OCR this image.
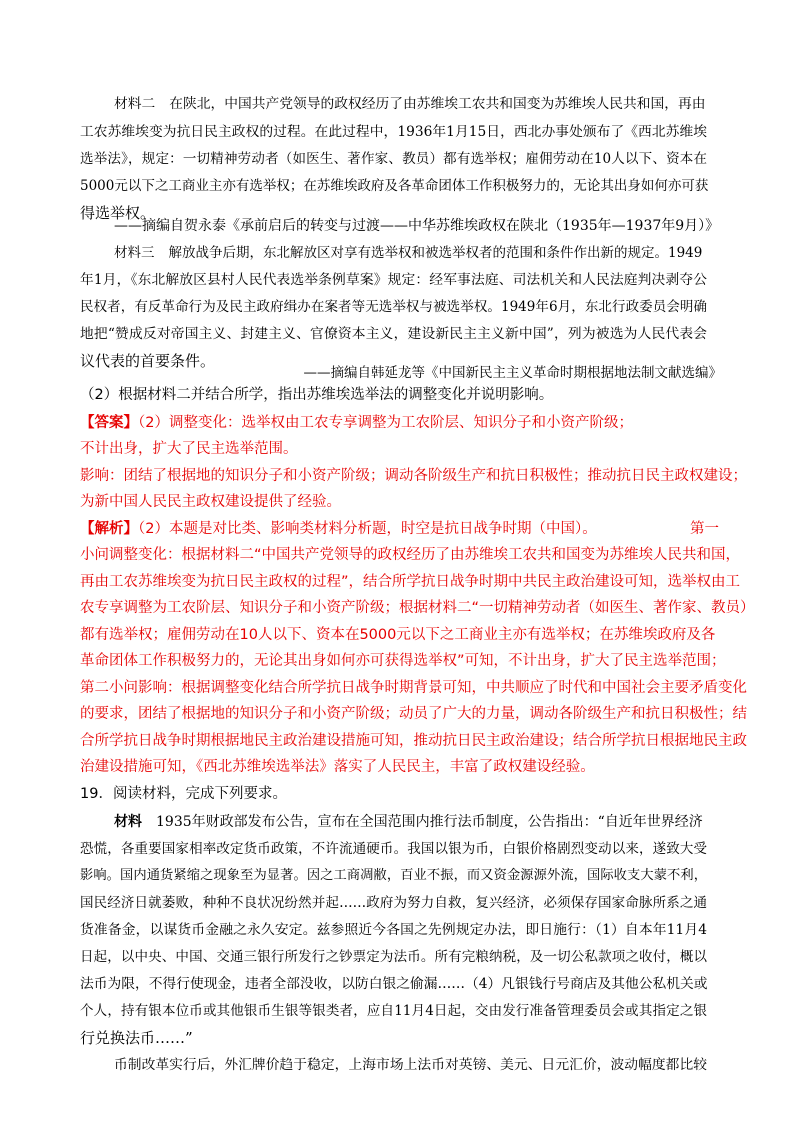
材料二 在陕北，中国共产党领导的政权经历了由苏维埃工农共和国变为苏维埃人民共和国，再由
工农苏维埃变为抗日民主政权的过程。在此过程中，1936年1月15日，西北办事处颁布了《西北苏维埃
选举法》，规定：一切精神劳动者（如医生、著作家、教员）都有选举权；雇佣劳动在10人以下、资本在
5000元以下之工商业主亦有选举权；在苏维埃政府及各革命团体工作积极努力的，无论其出身如何亦可获
得选举权。
——摘编自贺永泰《承前启后的转变与过渡——中华苏维埃政权在陕北（1935年—1937年9月）》
材料三 解放战争后期，东北解放区对享有选举权和被选举权者的范围和条件作出新的规定。1949
年1月，《东北解放区县村人民代表选举条例草案》规定：经军事法庭、司法机关和人民法庭判决剥夺公
民权者，有反革命行为及民主政府缉办在案者等无选举权与被选举权。1949年6月，东北行政委员会明确
地把“赞成反对帝国主义、封建主义、官僚资本主义，建设新民主主义新中国”，列为被选为人民代表会
议代表的首要条件。
——摘编自韩延龙等《中国新民主主义革命时期根据地法制文献选编》
（2）根据材料二并结合所学，指出苏维埃选举法的调整变化并说明影响。
【答案】（2）调整变化：选举权由工农专享调整为工农阶层、知识分子和小资产阶级；
不计出身，扩大了民主选举范围。
影响：团结了根据地的知识分子和小资产阶级；调动各阶级生产和抗日积极性；推动抗日民主政权建设；
为新中国人民民主政权建设提供了经验。
【解析】（2）本题是对比类、影响类材料分析题，时空是抗日战争时期（中国）。	第一
小问调整变化：根据材料二“中国共产党领导的政权经历了由苏维埃工农共和国变为苏维埃人民共和国，
再由工农苏维埃变为抗日民主政权的过程”，结合所学抗日战争时期中共民主政治建设可知，选举权由工
农专享调整为工农阶层、知识分子和小资产阶级；根据材料二“一切精神劳动者（如医生、著作家、教员）
都有选举权；雇佣劳动在10人以下、资本在5000元以下之工商业主亦有选举权；在苏维埃政府及各
革命团体工作积极努力的，无论其出身如何亦可获得选举权”可知，不计出身，扩大了民主选举范围；
第二小问影响：根据调整变化结合所学抗日战争时期背景可知，中共顺应了时代和中国社会主要矛盾变化
的要求，团结了根据地的知识分子和小资产阶级；动员了广大的力量，调动各阶级生产和抗日积极性；结
合所学抗日战争时期根据地民主政治建设措施可知，推动抗日民主政治建设；结合所学抗日根据地民主政
治建设措施可知，《西北苏维埃选举法》落实了人民民主，丰富了政权建设经验。
19．阅读材料，完成下列要求。
材料 1935年财政部发布公告，宣布在全国范围内推行法币制度，公告指出：“自近年世界经济
恐慌，各重要国家相率改定货币政策，不许流通硬币。我国以银为币，白银价格剧烈变动以来，遂致大受
影响。国内通货紧缩之现象至为显著。因之工商凋敝，百业不振，而又资金源源外流，国际收支大蒙不利，
国民经济日就萎败，种种不良状况纷然并起……政府为努力自救，复兴经济，必须保存国家命脉所系之通
货准备金，以谋货币金融之永久安定。兹参照近今各国之先例规定办法，即日施行：（1）自本年11月4
日起，以中央、中国、交通三银行所发行之钞票定为法币。所有完粮纳税，及一切公私款项之收付，概以
法币为限，不得行使现金，违者全部没收，以防白银之偷漏……（4）凡银钱行号商店及其他公私机关或
个人，持有银本位币或其他银币生银等银类者，应自11月4日起，交由发行准备管理委员会或其指定之银
行兑换法币……”
币制改革实行后，外汇牌价趋于稳定，上海市场上法币对英镑、美元、日元汇价，波动幅度都比较
